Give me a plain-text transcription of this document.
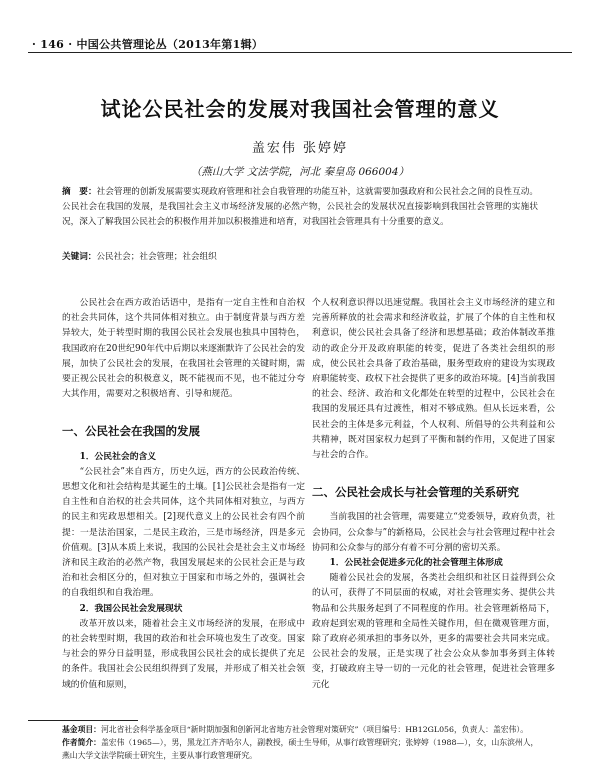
· 146 · 中国公共管理论丛（2013年第1辑）
试论公民社会的发展对我国社会管理的意义
盖宏伟 张婷婷
（燕山大学 文法学院，河北 秦皇岛 066004）
摘　要：社会管理的创新发展需要实现政府管理和社会自我管理的功能互补，这就需要加强政府和公民社会之间的良性互动。公民社会在我国的发展，是我国社会主义市场经济发展的必然产物，公民社会的发展状况直接影响到我国社会管理的实施状况，深入了解我国公民社会的积极作用并加以积极推进和培育，对我国社会管理具有十分重要的意义。
关键词：公民社会；社会管理；社会组织

公民社会在西方政治话语中，是指有一定自主性和自治权的社会共同体，这个共同体相对独立。由于制度背景与西方差异较大，处于转型时期的我国公民社会发展也独具中国特色，我国政府在20世纪90年代中后期以来逐渐默许了公民社会的发展，加快了公民社会的发展，在我国社会管理的关键时期，需要正视公民社会的积极意义，既不能视而不见，也不能过分夸大其作用，需要对之积极培育、引导和规范。

一、公民社会在我国的发展

1．公民社会的含义

“公民社会”来自西方，历史久远，西方的公民政治传统、思想文化和社会结构是其诞生的土壤。[1]公民社会是指有一定自主性和自治权的社会共同体，这个共同体相对独立，与西方的民主和宪政思想相关。[2]现代意义上的公民社会有四个前提：一是法治国家，二是民主政治，三是市场经济，四是多元价值观。[3]从本质上来说，我国的公民社会是社会主义市场经济和民主政治的必然产物，我国发展起来的公民社会正是与政治和社会相区分的，但对独立于国家和市场之外的，强调社会的自我组织和自我治理。

2．我国公民社会发展现状

改革开放以来，随着社会主义市场经济的发展，在形成中的社会转型时期，我国的政治和社会环境也发生了改变。国家与社会的界分日益明显，形成我国公民社会的成长提供了充足的条件。我国社会公民组织得到了发展，并形成了相关社会领域的价值和原则，

个人权利意识得以迅速觉醒。我国社会主义市场经济的建立和完善所释放的社会需求和经济收益，扩展了个体的自主性和权利意识，使公民社会具备了经济和思想基础；政治体制改革推动的政企分开及政府职能的转变，促进了各类社会组织的形成，使公民社会具备了政治基础，服务型政府的建设为实现政府职能转变、政权下社会提供了更多的政治环境。[4]当前我国的社会、经济、政治和文化都处在转型的过程中，公民社会在我国的发展还具有过渡性，相对不够成熟。但从长远来看，公民社会的主体是多元利益，个人权利、所倡导的公共利益和公共精神，既对国家权力起到了平衡和制约作用，又促进了国家与社会的合作。

二、公民社会成长与社会管理的关系研究

当前我国的社会管理，需要建立“党委领导，政府负责，社会协同，公众参与”的新格局，公民社会与社会管理过程中社会协同和公众参与的部分有着不可分割的密切关系。

1．公民社会促进多元化的社会管理主体形成

随着公民社会的发展，各类社会组织和社区日益得到公众的认可，获得了不同层面的权威，对社会管理实务、提供公共物品和公共服务起到了不同程度的作用。社会管理新格局下，政府起到宏观的管理和全局性关键作用，但在微观管理方面，除了政府必须承担的事务以外，更多的需要社会共同来完成。公民社会的发展，正是实现了社会公众从参加事务到主体转变，打破政府主导一切的一元化的社会管理，促进社会管理多元化

基金项目：河北省社会科学基金项目“新时期加强和创新河北省地方社会管理对策研究”（项目编号：HB12GL056，负责人：盖宏伟）。
作者简介：盖宏伟（1965—），男，黑龙江齐齐哈尔人，副教授，硕士生导师，从事行政管理研究；张婷婷（1988—），女，山东滨州人，燕山大学文法学院硕士研究生，主要从事行政管理研究。
